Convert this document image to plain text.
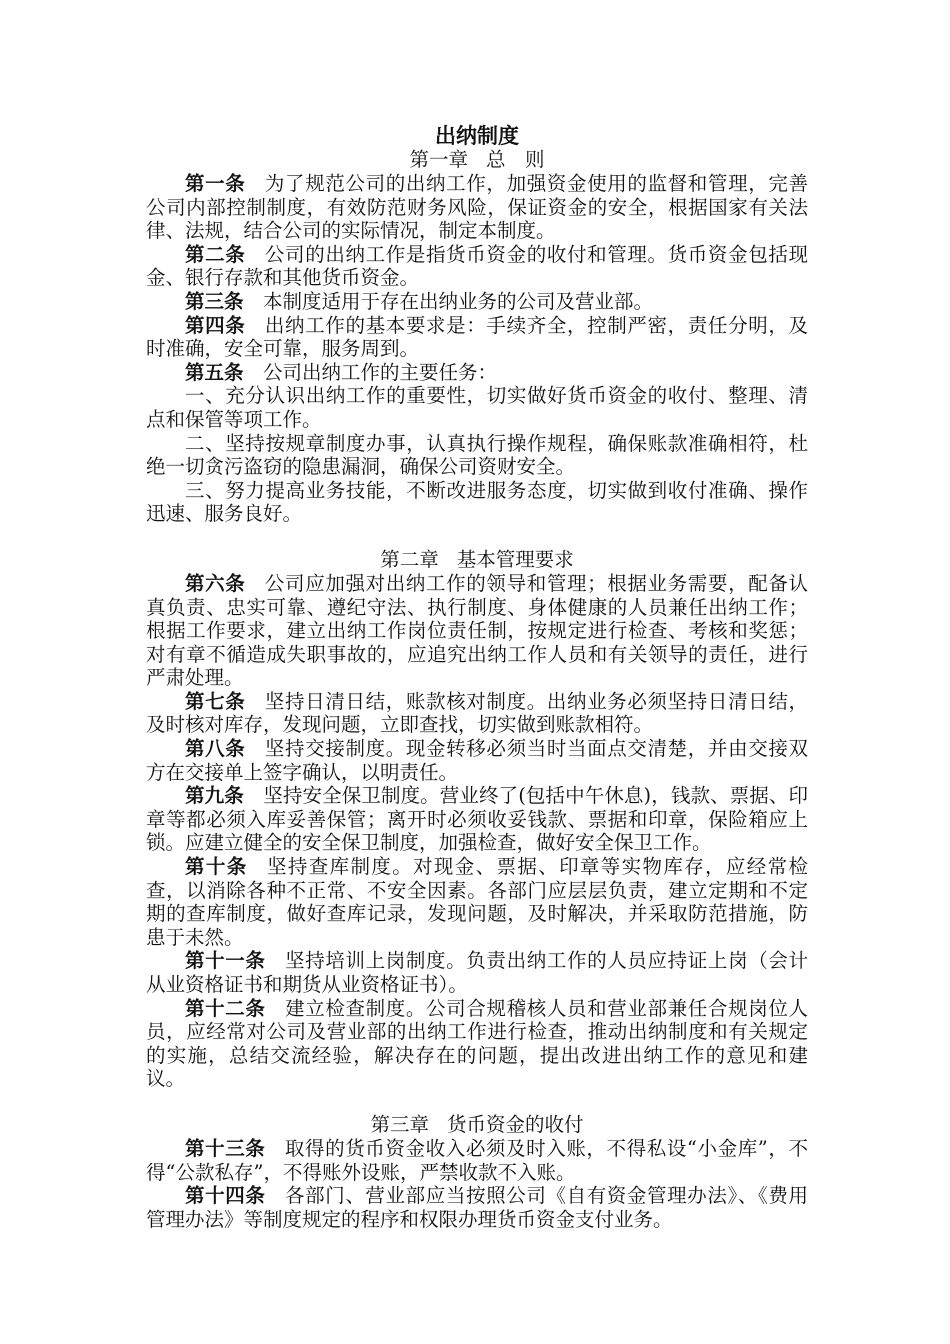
出纳制度
第一章 总　则

第一条 为了规范公司的出纳工作，加强资金使用的监督和管理，完善公司内部控制制度，有效防范财务风险，保证资金的安全，根据国家有关法律、法规，结合公司的实际情况，制定本制度。

第二条 公司的出纳工作是指货币资金的收付和管理。货币资金包括现金、银行存款和其他货币资金。

第三条 本制度适用于存在出纳业务的公司及营业部。

第四条 出纳工作的基本要求是：手续齐全，控制严密，责任分明，及时准确，安全可靠，服务周到。

第五条 公司出纳工作的主要任务：

一、充分认识出纳工作的重要性，切实做好货币资金的收付、整理、清点和保管等项工作。

二、坚持按规章制度办事，认真执行操作规程，确保账款准确相符，杜绝一切贪污盗窃的隐患漏洞，确保公司资财安全。

三、努力提高业务技能，不断改进服务态度，切实做到收付准确、操作迅速、服务良好。

第二章 基本管理要求

第六条 公司应加强对出纳工作的领导和管理；根据业务需要，配备认真负责、忠实可靠、遵纪守法、执行制度、身体健康的人员兼任出纳工作；根据工作要求，建立出纳工作岗位责任制，按规定进行检查、考核和奖惩；对有章不循造成失职事故的，应追究出纳工作人员和有关领导的责任，进行严肃处理。

第七条 坚持日清日结，账款核对制度。出纳业务必须坚持日清日结，及时核对库存，发现问题，立即查找，切实做到账款相符。

第八条 坚持交接制度。现金转移必须当时当面点交清楚，并由交接双方在交接单上签字确认，以明责任。

第九条 坚持安全保卫制度。营业终了(包括中午休息)，钱款、票据、印章等都必须入库妥善保管；离开时必须收妥钱款、票据和印章，保险箱应上锁。应建立健全的安全保卫制度，加强检查，做好安全保卫工作。

第十条 坚持查库制度。对现金、票据、印章等实物库存，应经常检查，以消除各种不正常、不安全因素。各部门应层层负责，建立定期和不定期的查库制度，做好查库记录，发现问题，及时解决，并采取防范措施，防患于未然。

第十一条 坚持培训上岗制度。负责出纳工作的人员应持证上岗（会计从业资格证书和期货从业资格证书）。

第十二条 建立检查制度。公司合规稽核人员和营业部兼任合规岗位人员，应经常对公司及营业部的出纳工作进行检查，推动出纳制度和有关规定的实施，总结交流经验，解决存在的问题，提出改进出纳工作的意见和建议。

第三章 货币资金的收付

第十三条 取得的货币资金收入必须及时入账，不得私设“小金库”，不得“公款私存”，不得账外设账，严禁收款不入账。

第十四条 各部门、营业部应当按照公司《自有资金管理办法》、《费用管理办法》等制度规定的程序和权限办理货币资金支付业务。
